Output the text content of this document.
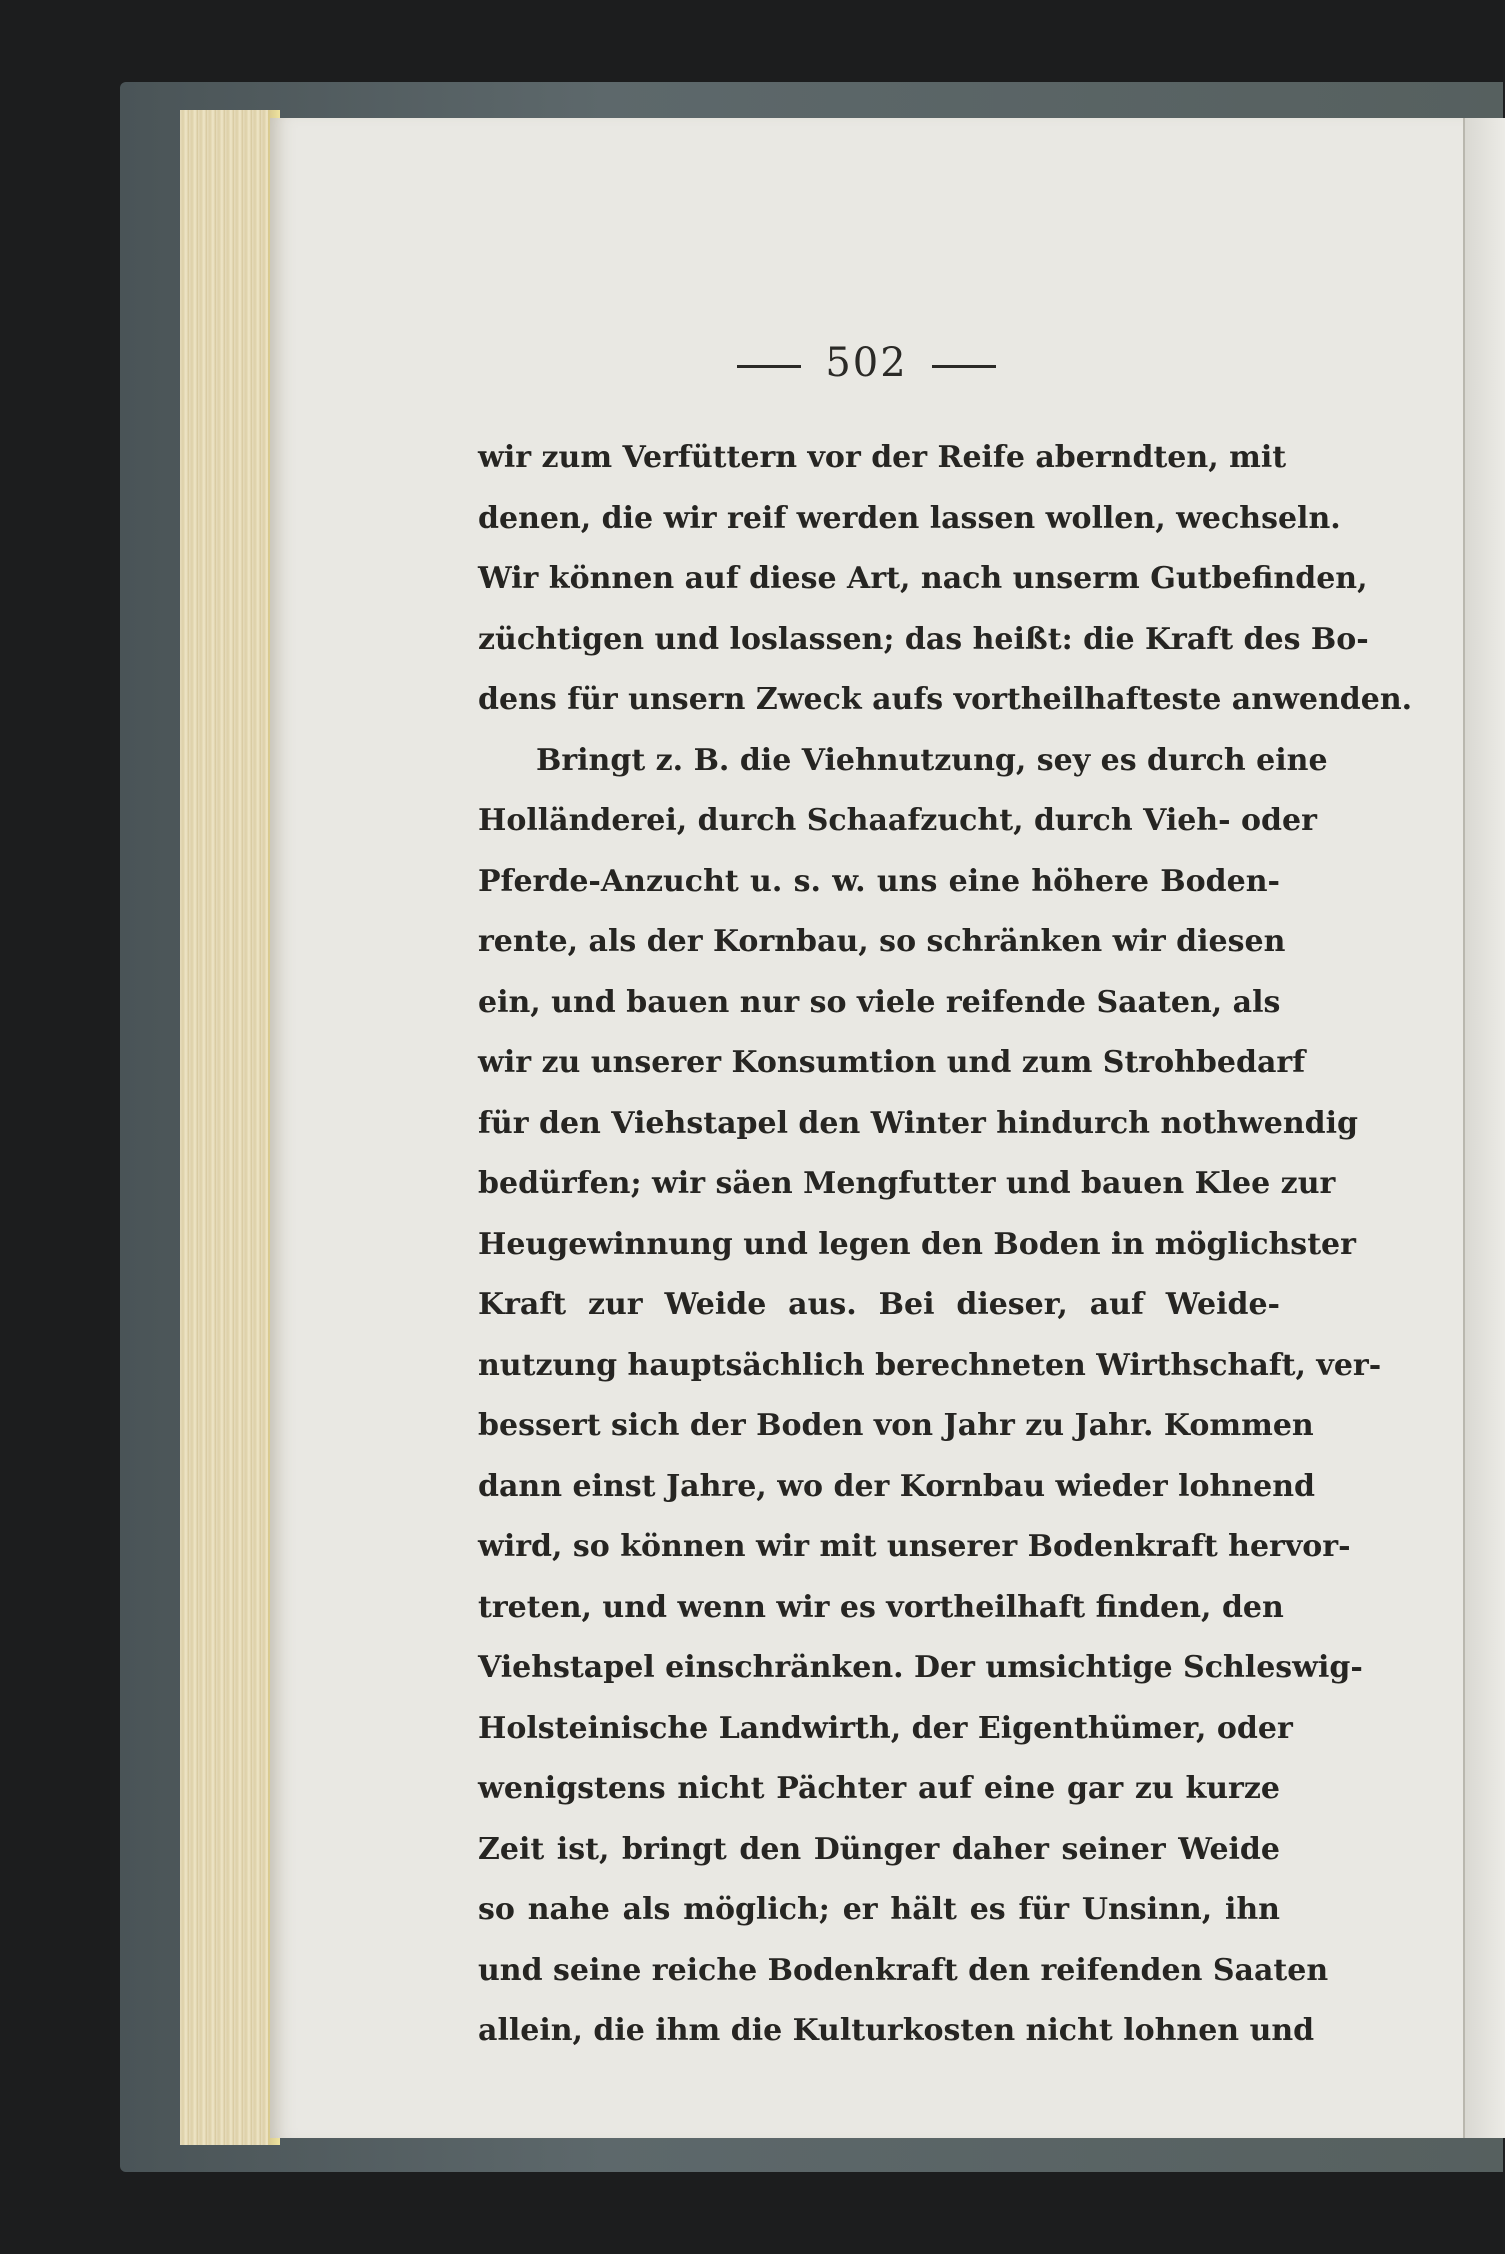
502
wir zum Verfüttern vor der Reife aberndten, mit
denen, die wir reif werden lassen wollen, wechseln.
Wir können auf diese Art, nach unserm Gutbefinden,
züchtigen und loslassen; das heißt: die Kraft des Bo-
dens für unsern Zweck aufs vortheilhafteste anwenden.
Bringt z. B. die Viehnutzung, sey es durch eine
Holländerei, durch Schaafzucht, durch Vieh- oder
Pferde-Anzucht u. s. w. uns eine höhere Boden-
rente, als der Kornbau, so schränken wir diesen
ein, und bauen nur so viele reifende Saaten, als
wir zu unserer Konsumtion und zum Strohbedarf
für den Viehstapel den Winter hindurch nothwendig
bedürfen; wir säen Mengfutter und bauen Klee zur
Heugewinnung und legen den Boden in möglichster
Kraft zur Weide aus. Bei dieser, auf Weide-
nutzung hauptsächlich berechneten Wirthschaft, ver-
bessert sich der Boden von Jahr zu Jahr. Kommen
dann einst Jahre, wo der Kornbau wieder lohnend
wird, so können wir mit unserer Bodenkraft hervor-
treten, und wenn wir es vortheilhaft finden, den
Viehstapel einschränken. Der umsichtige Schleswig-
Holsteinische Landwirth, der Eigenthümer, oder
wenigstens nicht Pächter auf eine gar zu kurze
Zeit ist, bringt den Dünger daher seiner Weide
so nahe als möglich; er hält es für Unsinn, ihn
und seine reiche Bodenkraft den reifenden Saaten
allein, die ihm die Kulturkosten nicht lohnen und
